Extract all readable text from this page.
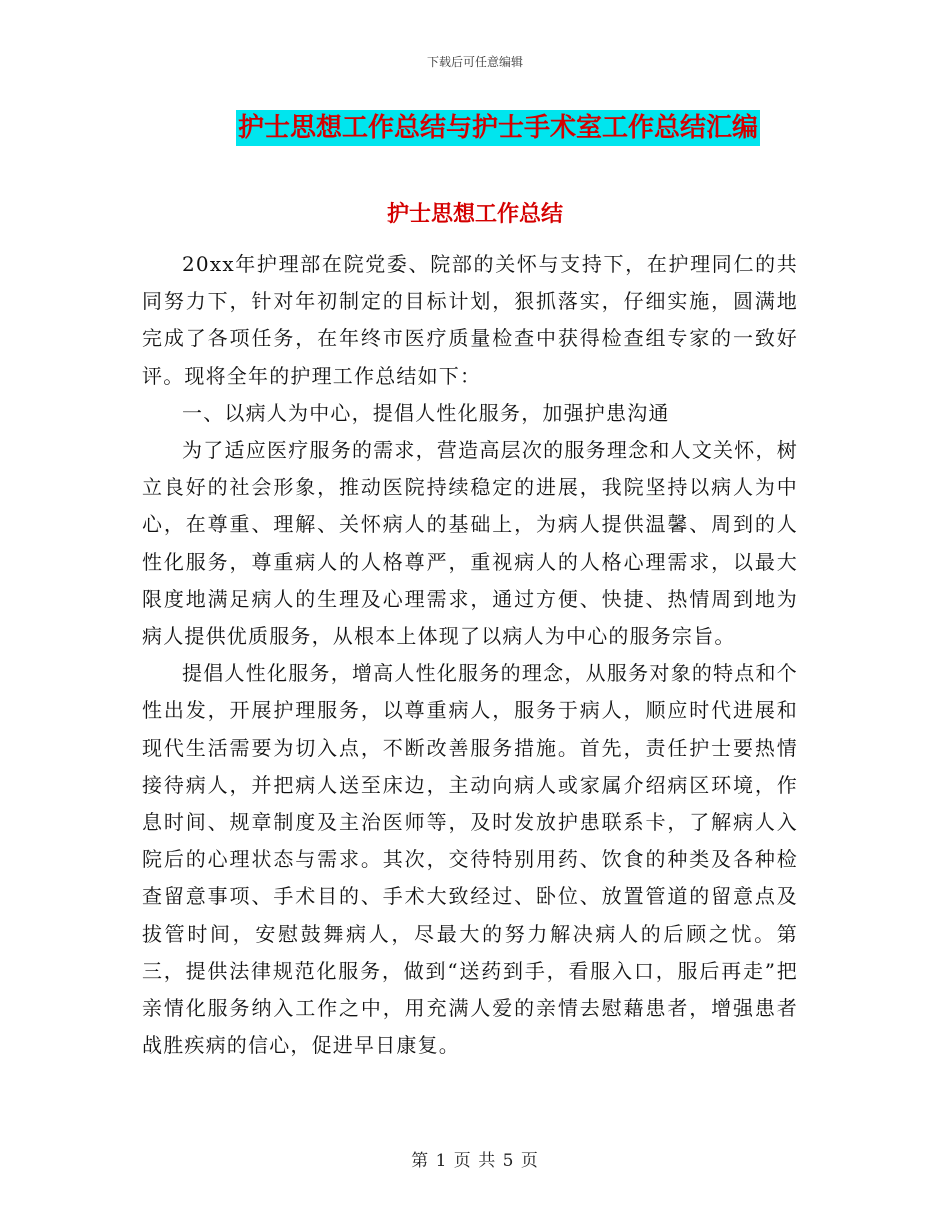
下载后可任意编辑
护士思想工作总结与护士手术室工作总结汇编
护士思想工作总结

20xx年护理部在院党委、院部的关怀与支持下，在护理同仁的共同努力下，针对年初制定的目标计划，狠抓落实，仔细实施，圆满地完成了各项任务，在年终市医疗质量检查中获得检查组专家的一致好评。现将全年的护理工作总结如下：

一、以病人为中心，提倡人性化服务，加强护患沟通

为了适应医疗服务的需求，营造高层次的服务理念和人文关怀，树立良好的社会形象，推动医院持续稳定的进展，我院坚持以病人为中心，在尊重、理解、关怀病人的基础上，为病人提供温馨、周到的人性化服务，尊重病人的人格尊严，重视病人的人格心理需求，以最大限度地满足病人的生理及心理需求，通过方便、快捷、热情周到地为病人提供优质服务，从根本上体现了以病人为中心的服务宗旨。

提倡人性化服务，增高人性化服务的理念，从服务对象的特点和个性出发，开展护理服务，以尊重病人，服务于病人，顺应时代进展和现代生活需要为切入点，不断改善服务措施。首先，责任护士要热情接待病人，并把病人送至床边，主动向病人或家属介绍病区环境，作息时间、规章制度及主治医师等，及时发放护患联系卡，了解病人入院后的心理状态与需求。其次，交待特别用药、饮食的种类及各种检查留意事项、手术目的、手术大致经过、卧位、放置管道的留意点及拔管时间，安慰鼓舞病人，尽最大的努力解决病人的后顾之忧。第三，提供法律规范化服务，做到“送药到手，看服入口，服后再走”把亲情化服务纳入工作之中，用充满人爱的亲情去慰藉患者，增强患者战胜疾病的信心，促进早日康复。

第 1 页 共 5 页
